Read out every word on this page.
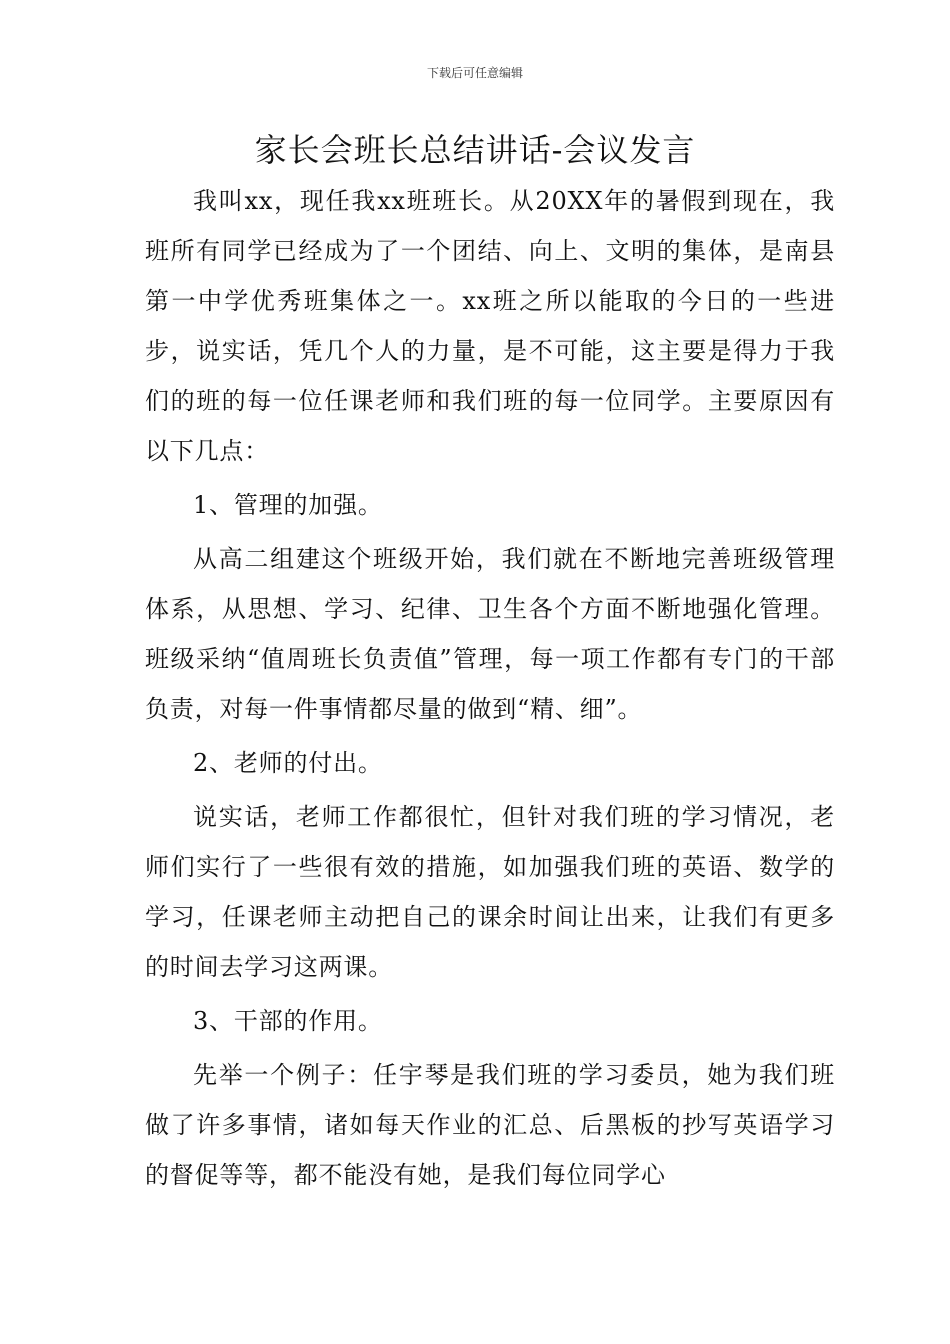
下载后可任意编辑
家长会班长总结讲话-会议发言

我叫xx，现任我xx班班长。从20XX年的暑假到现在，我班所有同学已经成为了一个团结、向上、文明的集体，是南县第一中学优秀班集体之一。xx班之所以能取的今日的一些进步，说实话，凭几个人的力量，是不可能，这主要是得力于我们的班的每一位任课老师和我们班的每一位同学。主要原因有以下几点：

1、管理的加强。

从高二组建这个班级开始，我们就在不断地完善班级管理体系，从思想、学习、纪律、卫生各个方面不断地强化管理。班级采纳“值周班长负责值”管理，每一项工作都有专门的干部负责，对每一件事情都尽量的做到“精、细”。

2、老师的付出。

说实话，老师工作都很忙，但针对我们班的学习情况，老师们实行了一些很有效的措施，如加强我们班的英语、数学的学习，任课老师主动把自己的课余时间让出来，让我们有更多的时间去学习这两课。

3、干部的作用。

先举一个例子：任宇琴是我们班的学习委员，她为我们班做了许多事情，诸如每天作业的汇总、后黑板的抄写英语学习的督促等等，都不能没有她，是我们每位同学心
